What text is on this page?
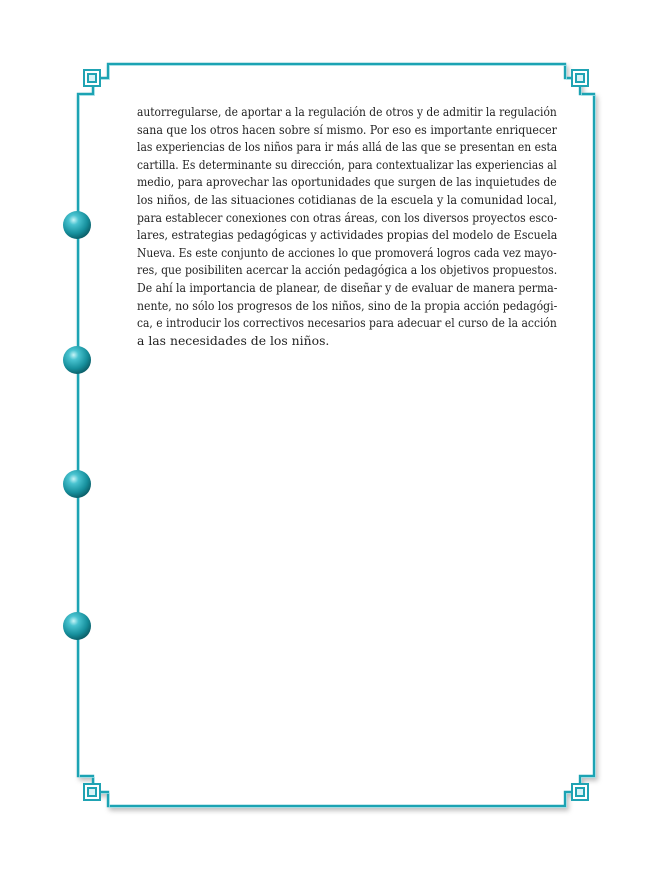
autorregularse, de aportar a la regulación de otros y de admitir la regulación
sana que los otros hacen sobre sí mismo. Por eso es importante enriquecer
las experiencias de los niños para ir más allá de las que se presentan en esta
cartilla. Es determinante su dirección, para contextualizar las experiencias al
medio, para aprovechar las oportunidades que surgen de las inquietudes de
los niños, de las situaciones cotidianas de la escuela y la comunidad local,
para establecer conexiones con otras áreas, con los diversos proyectos esco-
lares, estrategias pedagógicas y actividades propias del modelo de Escuela
Nueva. Es este conjunto de acciones lo que promoverá logros cada vez mayo-
res, que posibiliten acercar la acción pedagógica a los objetivos propuestos.
De ahí la importancia de planear, de diseñar y de evaluar de manera perma-
nente, no sólo los progresos de los niños, sino de la propia acción pedagógi-
ca, e introducir los correctivos necesarios para adecuar el curso de la acción
a las necesidades de los niños.
